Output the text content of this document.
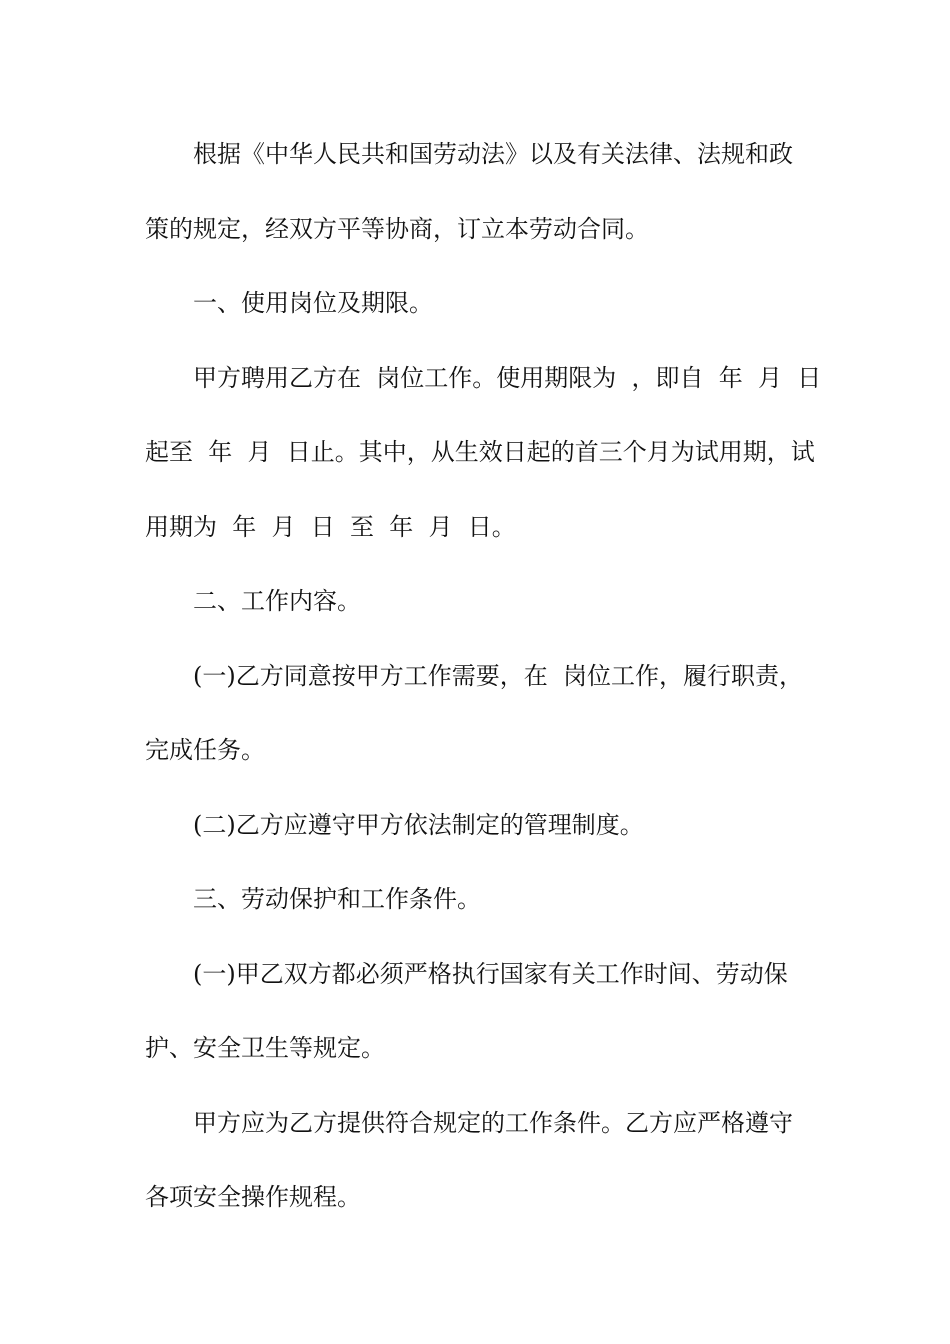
根据《中华人民共和国劳动法》以及有关法律、法规和政
策的规定，经双方平等协商，订立本劳动合同。
一、使用岗位及期限。
甲方聘用乙方在  岗位工作。使用期限为  ，即自  年  月  日
起至  年  月  日止。其中，从生效日起的首三个月为试用期，试
用期为  年  月  日  至  年  月  日。
二、工作内容。
(一)乙方同意按甲方工作需要，在  岗位工作，履行职责，
完成任务。
(二)乙方应遵守甲方依法制定的管理制度。
三、劳动保护和工作条件。
(一)甲乙双方都必须严格执行国家有关工作时间、劳动保
护、安全卫生等规定。
甲方应为乙方提供符合规定的工作条件。乙方应严格遵守
各项安全操作规程。
